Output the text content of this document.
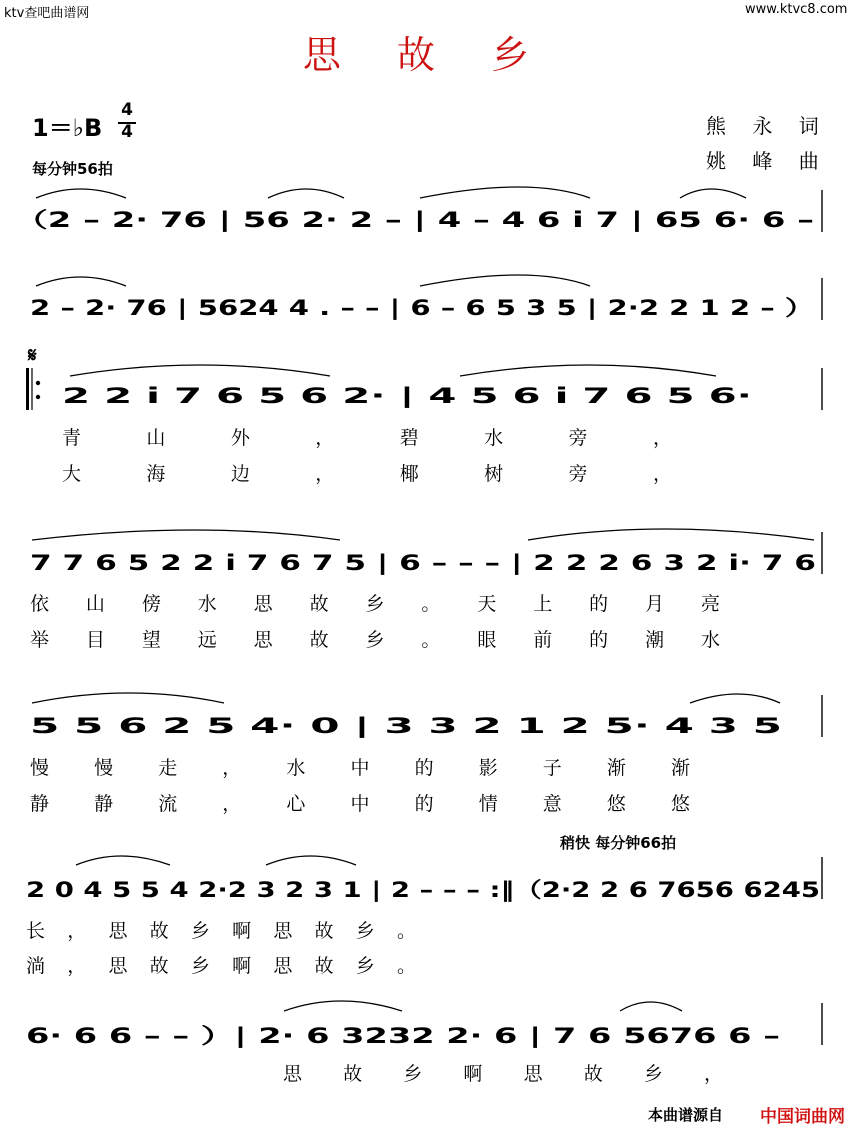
ktv查吧曲谱网	www.ktvc8.com
思 故 乡
1＝♭B
4
4
每分钟56拍
熊 永 词
姚 峰 曲
稍快 每分钟66拍
𝄋
（2 – 2· 76 | 56 2· 2 – | 4 – 4 6 i 7 | 65 6· 6 –
2 – 2· 76 | 5624 4 . – – | 6 – 6 5 3 5 | 2·2 2 1 2 – ）
2 2 i 7 6 5 6 2· | 4 5 6 i 7 6 5 6·
青山外，碧水旁，
大海边，椰树旁，
7 7 6 5 2 2 i 7 6 7 5 | 6 – – – | 2 2 2 6 3 2 i· 7 6
依山傍水思故乡。天上的月亮
举目望远思故乡。眼前的潮水
5 5 6 2 5 4· 0 | 3 3 2 1 2 5· 4 3 5
慢慢走，水中的影子渐渐
静静流，心中的情意悠悠
2 0 4 5 5 4 2·2 3 2 3 1 | 2 – – – :‖（2·2 2 6 7656 6245
长，思故乡啊思故乡。
淌，思故乡啊思故乡。
6· 6 6 – – ）| 2· 6 3232 2· 6 | 7 6 5676 6 –
思故乡啊思故乡，
本曲谱源自 中国词曲网
